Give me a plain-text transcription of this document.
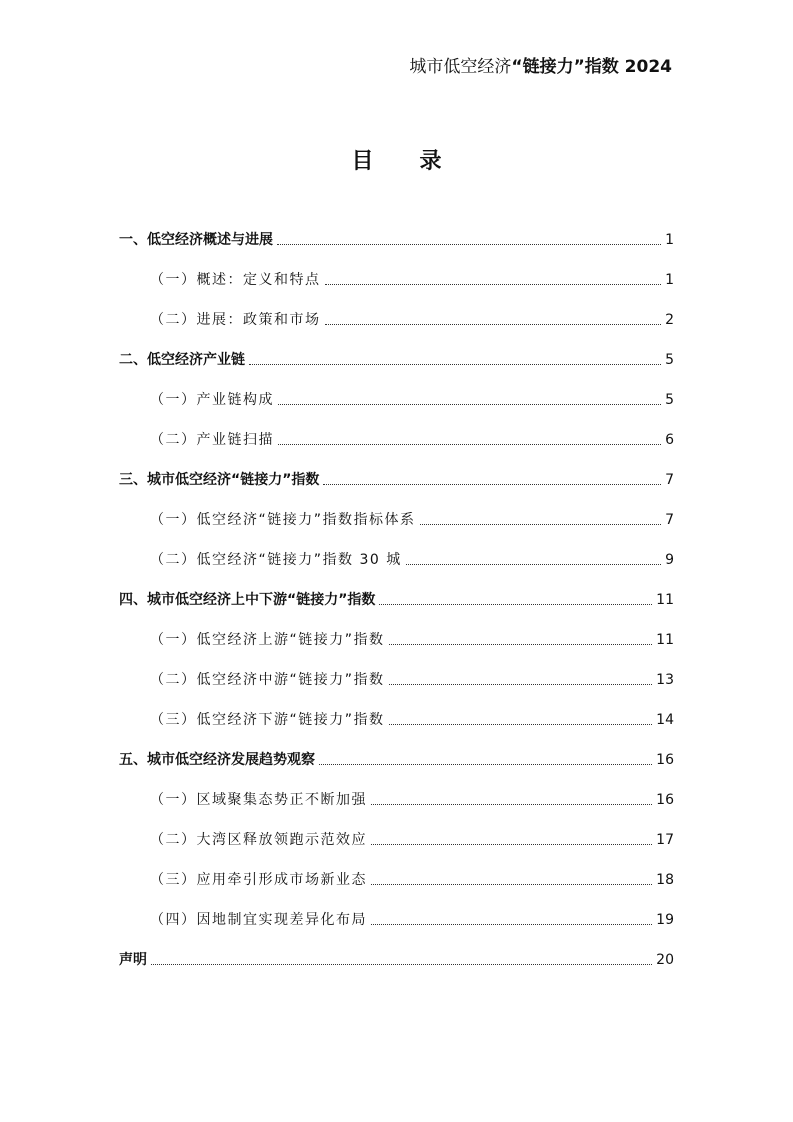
城市低空经济“链接力”指数 2024
目录
一、低空经济概述与进展	1
（一）概述：定义和特点	1
（二）进展：政策和市场	2
二、低空经济产业链	5
（一）产业链构成	5
（二）产业链扫描	6
三、城市低空经济“链接力”指数	7
（一）低空经济“链接力”指数指标体系	7
（二）低空经济“链接力”指数 30 城	9
四、城市低空经济上中下游“链接力”指数	11
（一）低空经济上游“链接力”指数	11
（二）低空经济中游“链接力”指数	13
（三）低空经济下游“链接力”指数	14
五、城市低空经济发展趋势观察	16
（一）区域聚集态势正不断加强	16
（二）大湾区释放领跑示范效应	17
（三）应用牵引形成市场新业态	18
（四）因地制宜实现差异化布局	19
声明	20
